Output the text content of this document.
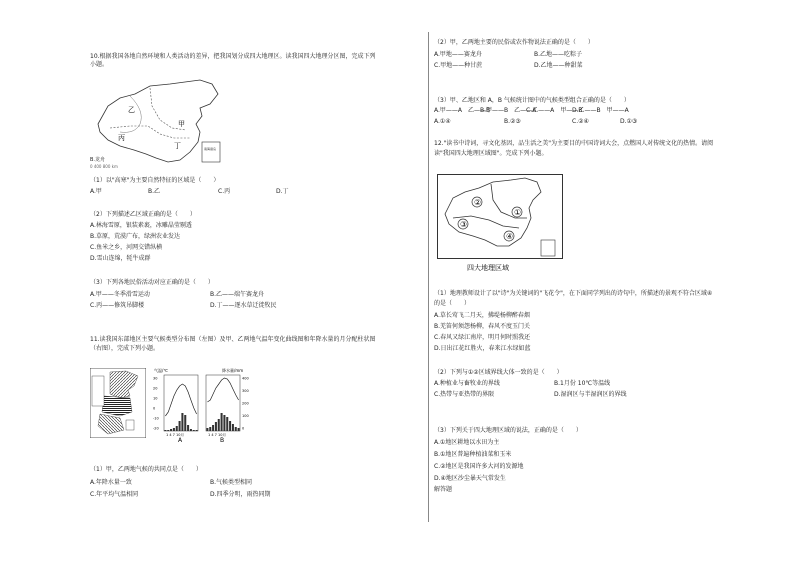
10.根据我国各地自然环境和人类活动的差异，把我国划分成四大地理区。读我国四大地理分区图，完成下列
小题。
乙
甲
丙
丁	南海诸岛
B.龙舟
0 400 800 km
（1）以"高寒"为主要自然特征的区域是（　　）
A.甲	B.乙	C.丙	D.丁
（2）下列描述乙区域正确的是（　　）
A.林海雪原，银装素裹，冰雕晶莹剔透
B.草原，荒漠广布，绿洲农业发达
C.鱼米之乡，河网交错纵横
D.雪山连绵，牦牛成群
（3）下列各地民俗活动对应正确的是（　　）
A.甲——冬季滑雪运动	B.乙——端午赛龙舟
C.丙——修筑吊脚楼	D.丁——逐水草迁徙牧民
11.读我国东部地区主要气候类型分布图（左图）及甲、乙两地气温年变化曲线图和年降水量的月分配柱状图
（右图），完成下列小题。
气温/℃
30
20
10
0
-10
-20
1 4 7 10月
A
降水量/mm
400
300
200
100
0
1 4 7 10月
B
（1）甲，乙两地气候的共同点是（　　）
A.年降水量一致	B.气候类型相同
C.年平均气温相同	D.四季分明，雨热同期
（2）甲，乙两地主要的民俗或农作物说法正确的是（　　）
A.甲地——赛龙舟	B.乙地——吃粽子
C.甲地——种甘蔗	D.乙地——种甜菜
（3）甲、乙地区和 A，B 气候统计图中的气候类型组合正确的是（　　）
A.甲——A　乙——B
B.甲——B　乙——A
C.乙——A　甲——B
D.乙——B　甲——A
A.①④	B.②③	C.②④	D.①③
12."读书中诗词，寻文化基因，品生活之美"为主要目的中国诗词大会，点燃国人对传统文化的热情。请阅
读"我国四大地理区域图"。完成下列小题。
①
②
③
④
四大地理区域
（1）地理教师设计了以"诗"为关键词的"飞花令"，在下面同学列出的诗句中，所描述的景观不符合区域④
的是（　　）
A.草长莺飞二月天，拂堤杨柳醉春烟
B.羌笛何须怨杨柳，春风不度玉门关
C.春风又绿江南岸，明月何时照我还
D.日出江花红胜火，春来江水绿如蓝
（2）下列与①②区域界线大体一致的是（　　）
A.种植业与畜牧业的界线	B.1月份 10℃等温线
C.热带与亚热带的界限	D.湿润区与半湿润区的界线
（3）下列关于四大地理区域的说法，正确的是（　　）
A.①地区耕地以水田为主
B.①地区普遍种植油菜和玉米
C.②地区是我国许多大河的发源地
D.④地区沙尘暴天气常发生
解答题
